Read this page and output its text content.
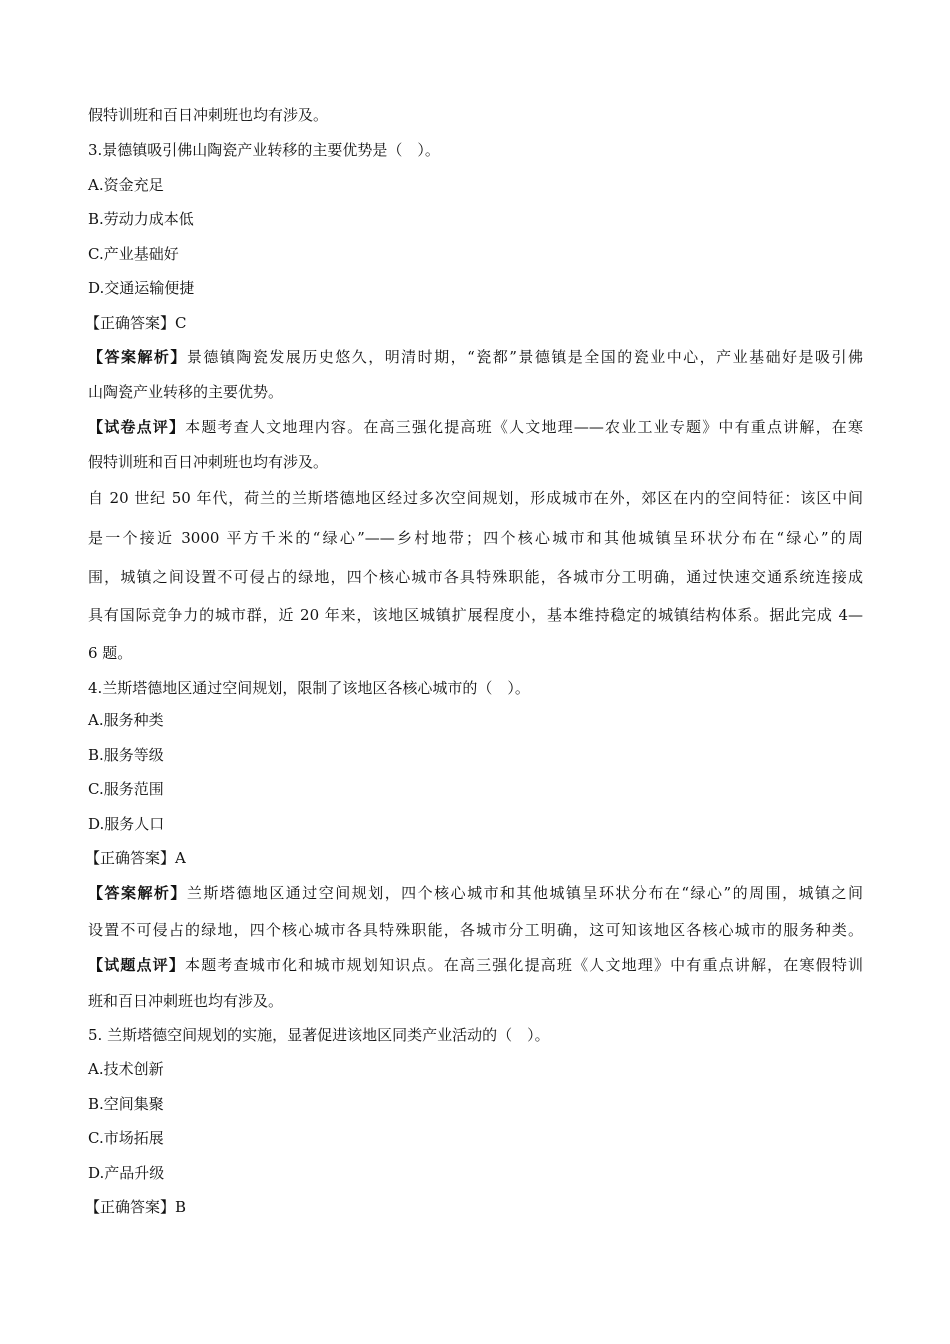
假特训班和百日冲刺班也均有涉及。
3.景德镇吸引佛山陶瓷产业转移的主要优势是（　）。
A.资金充足
B.劳动力成本低
C.产业基础好
D.交通运输便捷
【正确答案】C
【答案解析】景德镇陶瓷发展历史悠久，明清时期，“瓷都”景德镇是全国的瓷业中心，产业基础好是吸引佛
山陶瓷产业转移的主要优势。
【试卷点评】本题考查人文地理内容。在高三强化提高班《人文地理——农业工业专题》中有重点讲解，在寒
假特训班和百日冲刺班也均有涉及。
自 20 世纪 50 年代，荷兰的兰斯塔德地区经过多次空间规划，形成城市在外，郊区在内的空间特征：该区中间
是一个接近 3000 平方千米的“绿心”——乡村地带；四个核心城市和其他城镇呈环状分布在“绿心”的周
围，城镇之间设置不可侵占的绿地，四个核心城市各具特殊职能，各城市分工明确，通过快速交通系统连接成
具有国际竞争力的城市群，近 20 年来，该地区城镇扩展程度小，基本维持稳定的城镇结构体系。据此完成 4—
6 题。
4.兰斯塔德地区通过空间规划，限制了该地区各核心城市的（　）。
A.服务种类
B.服务等级
C.服务范围
D.服务人口
【正确答案】A
【答案解析】兰斯塔德地区通过空间规划，四个核心城市和其他城镇呈环状分布在“绿心”的周围，城镇之间
设置不可侵占的绿地，四个核心城市各具特殊职能，各城市分工明确，这可知该地区各核心城市的服务种类。
【试题点评】本题考查城市化和城市规划知识点。在高三强化提高班《人文地理》中有重点讲解，在寒假特训
班和百日冲刺班也均有涉及。
5. 兰斯塔德空间规划的实施，显著促进该地区同类产业活动的（　）。
A.技术创新
B.空间集聚
C.市场拓展
D.产品升级
【正确答案】B
